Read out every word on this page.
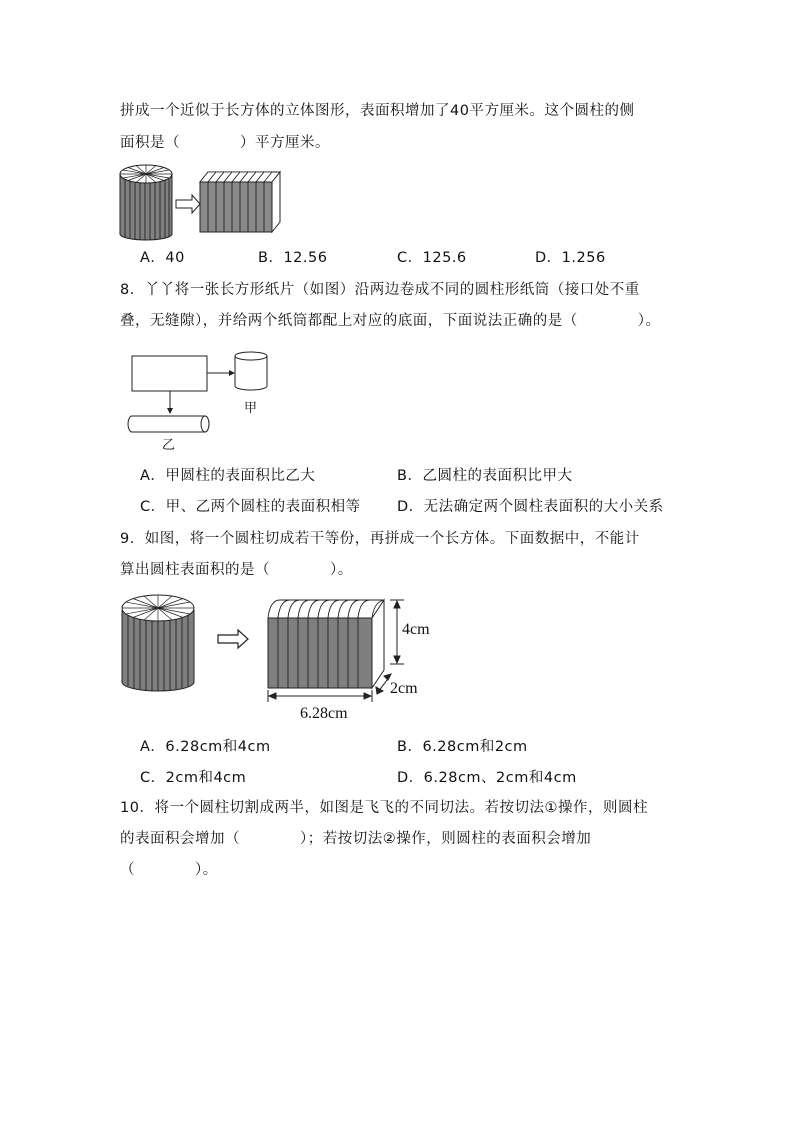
拼成一个近似于长方体的立体图形，表面积增加了40平方厘米。这个圆柱的侧
面积是（　　　　）平方厘米。
A．40	B．12.56	C．125.6	D．1.256
8．丫丫将一张长方形纸片（如图）沿两边卷成不同的圆柱形纸筒（接口处不重
叠，无缝隙），并给两个纸筒都配上对应的底面，下面说法正确的是（　　　　）。
甲
乙
A．甲圆柱的表面积比乙大	B．乙圆柱的表面积比甲大
C．甲、乙两个圆柱的表面积相等	D．无法确定两个圆柱表面积的大小关系
9．如图，将一个圆柱切成若干等份，再拼成一个长方体。下面数据中，不能计
算出圆柱表面积的是（　　　　）。
4cm
2cm
6.28cm
A．6.28cm和4cm	B．6.28cm和2cm
C．2cm和4cm	D．6.28cm、2cm和4cm
10．将一个圆柱切割成两半，如图是飞飞的不同切法。若按切法①操作，则圆柱
的表面积会增加（　　　　）；若按切法②操作，则圆柱的表面积会增加
（　　　　）。
